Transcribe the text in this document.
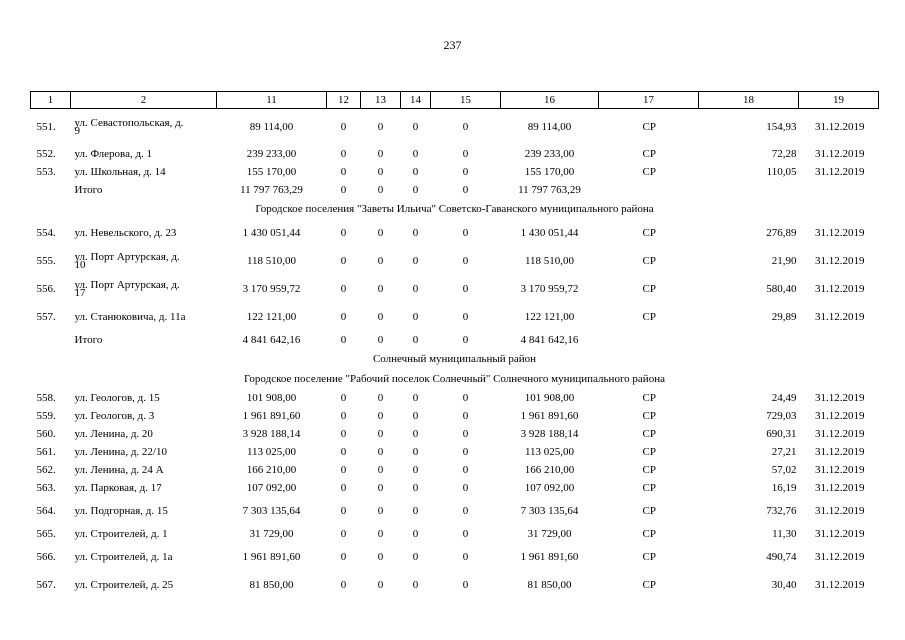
237
1	2	11	12	13	14	15	16	17	18	19
551.	ул. Севастопольская, д. 9	89 114,00	0	0	0	0	89 114,00	СР	154,93	31.12.2019
552.	ул. Флерова, д. 1	239 233,00	0	0	0	0	239 233,00	СР	72,28	31.12.2019
553.	ул. Школьная, д. 14	155 170,00	0	0	0	0	155 170,00	СР	110,05	31.12.2019
	Итого	11 797 763,29	0	0	0	0	11 797 763,29			
Городское поселения "Заветы Ильича" Советско-Гаванского муниципального района										
554.	ул. Невельского, д. 23	1 430 051,44	0	0	0	0	1 430 051,44	СР	276,89	31.12.2019
555.	ул. Порт Артурская, д. 10	118 510,00	0	0	0	0	118 510,00	СР	21,90	31.12.2019
556.	ул. Порт Артурская, д. 17	3 170 959,72	0	0	0	0	3 170 959,72	СР	580,40	31.12.2019
557.	ул. Станюковича, д. 11а	122 121,00	0	0	0	0	122 121,00	СР	29,89	31.12.2019
	Итого	4 841 642,16	0	0	0	0	4 841 642,16			
Солнечный муниципальный район										
Городское поселение "Рабочий поселок Солнечный" Солнечного муниципального района										
558.	ул. Геологов, д. 15	101 908,00	0	0	0	0	101 908,00	СР	24,49	31.12.2019
559.	ул. Геологов, д. 3	1 961 891,60	0	0	0	0	1 961 891,60	СР	729,03	31.12.2019
560.	ул. Ленина, д. 20	3 928 188,14	0	0	0	0	3 928 188,14	СР	690,31	31.12.2019
561.	ул. Ленина, д. 22/10	113 025,00	0	0	0	0	113 025,00	СР	27,21	31.12.2019
562.	ул. Ленина, д. 24 А	166 210,00	0	0	0	0	166 210,00	СР	57,02	31.12.2019
563.	ул. Парковая, д. 17	107 092,00	0	0	0	0	107 092,00	СР	16,19	31.12.2019
564.	ул. Подгорная, д. 15	7 303 135,64	0	0	0	0	7 303 135,64	СР	732,76	31.12.2019
565.	ул. Строителей, д. 1	31 729,00	0	0	0	0	31 729,00	СР	11,30	31.12.2019
566.	ул. Строителей, д. 1а	1 961 891,60	0	0	0	0	1 961 891,60	СР	490,74	31.12.2019
567.	ул. Строителей, д. 25	81 850,00	0	0	0	0	81 850,00	СР	30,40	31.12.2019
